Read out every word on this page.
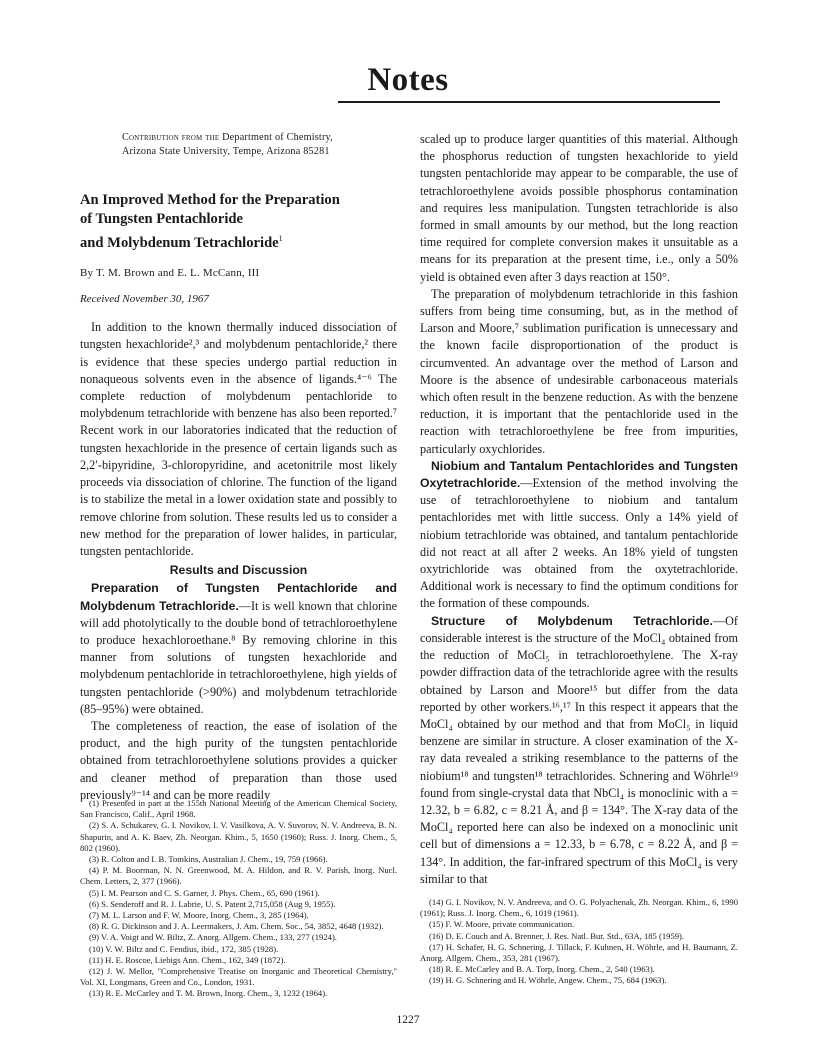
Notes
Contribution from the Department of Chemistry,
Arizona State University, Tempe, Arizona 85281
An Improved Method for the Preparation
of Tungsten Pentachloride
and Molybdenum Tetrachloride$^1$
By T. M. Brown and E. L. McCann, III
Received November 30, 1967

In addition to the known thermally induced dissociation of tungsten hexachloride²,³ and molybdenum pentachloride,² there is evidence that these species undergo partial reduction in nonaqueous solvents even in the absence of ligands.⁴⁻⁶ The complete reduction of molybdenum pentachloride to molybdenum tetrachloride with benzene has also been reported.⁷ Recent work in our laboratories indicated that the reduction of tungsten hexachloride in the presence of certain ligands such as 2,2′-bipyridine, 3-chloropyridine, and acetonitrile most likely proceeds via dissociation of chlorine. The function of the ligand is to stabilize the metal in a lower oxidation state and possibly to remove chlorine from solution. These results led us to consider a new method for the preparation of lower halides, in particular, tungsten pentachloride.

Results and Discussion

Preparation of Tungsten Pentachloride and Molybdenum Tetrachloride.—It is well known that chlorine will add photolytically to the double bond of tetrachloroethylene to produce hexachloroethane.⁸ By removing chlorine in this manner from solutions of tungsten hexachloride and molybdenum pentachloride in tetrachloroethylene, high yields of tungsten pentachloride (>90%) and molybdenum tetrachloride (85–95%) were obtained.

The completeness of reaction, the ease of isolation of the product, and the high purity of the tungsten pentachloride obtained from tetrachloroethylene solutions provides a quicker and cleaner method of preparation than those used previously⁹⁻¹⁴ and can be more readily

scaled up to produce larger quantities of this material. Although the phosphorus reduction of tungsten hexachloride to yield tungsten pentachloride may appear to be comparable, the use of tetrachloroethylene avoids possible phosphorus contamination and requires less manipulation. Tungsten tetrachloride is also formed in small amounts by our method, but the long reaction time required for complete conversion makes it unsuitable as a means for its preparation at the present time, i.e., only a 50% yield is obtained even after 3 days reaction at 150°.

The preparation of molybdenum tetrachloride in this fashion suffers from being time consuming, but, as in the method of Larson and Moore,⁷ sublimation purification is unnecessary and the known facile disproportionation of the product is circumvented. An advantage over the method of Larson and Moore is the absence of undesirable carbonaceous materials which often result in the benzene reduction. As with the benzene reduction, it is important that the pentachloride used in the reaction with tetrachloroethylene be free from impurities, particularly oxychlorides.

Niobium and Tantalum Pentachlorides and Tungsten Oxytetrachloride.—Extension of the method involving the use of tetrachloroethylene to niobium and tantalum pentachlorides met with little success. Only a 14% yield of niobium tetrachloride was obtained, and tantalum pentachloride did not react at all after 2 weeks. An 18% yield of tungsten oxytrichloride was obtained from the oxytetrachloride. Additional work is necessary to find the optimum conditions for the formation of these compounds.

Structure of Molybdenum Tetrachloride.—Of considerable interest is the structure of the MoCl₄ obtained from the reduction of MoCl₅ in tetrachloroethylene. The X-ray powder diffraction data of the tetrachloride agree with the results obtained by Larson and Moore¹⁵ but differ from the data reported by other workers.¹⁶,¹⁷ In this respect it appears that the MoCl₄ obtained by our method and that from MoCl₅ in liquid benzene are similar in structure. A closer examination of the X-ray data revealed a striking resemblance to the patterns of the niobium¹⁸ and tungsten¹⁸ tetrachlorides. Schnering and Wöhrle¹⁹ found from single-crystal data that NbCl₄ is monoclinic with a = 12.32, b = 6.82, c = 8.21 Å, and β = 134°. The X-ray data of the MoCl₄ reported here can also be indexed on a monoclinic unit cell but of dimensions a = 12.33, b = 6.78, c = 8.22 Å, and β = 134°. In addition, the far-infrared spectrum of this MoCl₄ is very similar to that

(1) Presented in part at the 155th National Meeting of the American Chemical Society, San Francisco, Calif., April 1968.

(2) S. A. Schukarev, G. I. Novikov, I. V. Vasilkova, A. V. Suvorov, N. V. Andreeva, B. N. Shapurin, and A. K. Baev, Zh. Neorgan. Khim., 5, 1650 (1960); Russ. J. Inorg. Chem., 5, 802 (1960).

(3) R. Colton and I. B. Tomkins, Australian J. Chem., 19, 759 (1966).

(4) P. M. Boorman, N. N. Greenwood, M. A. Hildon, and R. V. Parish, Inorg. Nucl. Chem. Letters, 2, 377 (1966).

(5) I. M. Pearson and C. S. Garner, J. Phys. Chem., 65, 690 (1961).

(6) S. Senderoff and R. J. Labrie, U. S. Patent 2,715,058 (Aug 9, 1955).

(7) M. L. Larson and F. W. Moore, Inorg. Chem., 3, 285 (1964).

(8) R. G. Dickinson and J. A. Leermakers, J. Am. Chem. Soc., 54, 3852, 4648 (1932).

(9) V. A. Voigt and W. Biltz, Z. Anorg. Allgem. Chem., 133, 277 (1924).

(10) V. W. Biltz and C. Fendius, ibid., 172, 385 (1928).

(11) H. E. Roscoe, Liebigs Ann. Chem., 162, 349 (1872).

(12) J. W. Mellor, "Comprehensive Treatise on Inorganic and Theoretical Chemistry," Vol. XI, Longmans, Green and Co., London, 1931.

(13) R. E. McCarley and T. M. Brown, Inorg. Chem., 3, 1232 (1964).

(14) G. I. Novikov, N. V. Andreeva, and O. G. Polyachenak, Zh. Neorgan. Khim., 6, 1990 (1961); Russ. J. Inorg. Chem., 6, 1019 (1961).

(15) F. W. Moore, private communication.

(16) D. E. Couch and A. Brenner, J. Res. Natl. Bur. Std., 63A, 185 (1959).

(17) H. Schafer, H. G. Schnering, J. Tillack, F. Kuhnen, H. Wöhrle, and H. Baumann, Z. Anorg. Allgem. Chem., 353, 281 (1967).

(18) R. E. McCarley and B. A. Torp, Inorg. Chem., 2, 540 (1963).

(19) H. G. Schnering and H. Wöhrle, Angew. Chem., 75, 684 (1963).

1227
